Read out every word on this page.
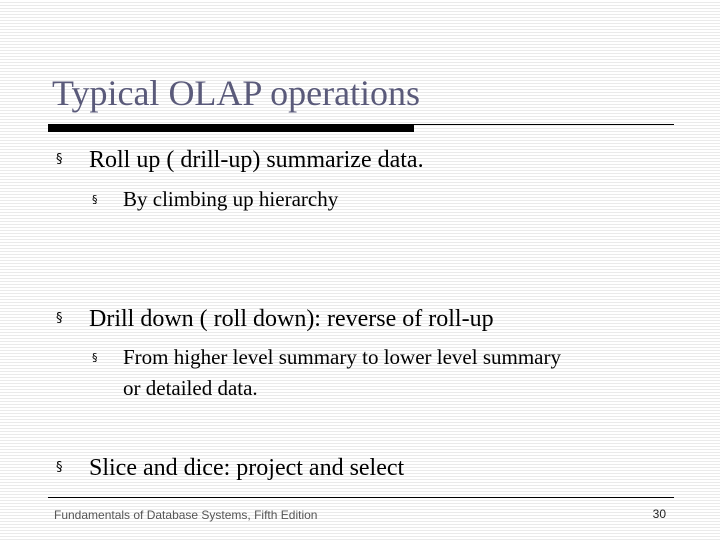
Typical OLAP operations
§ Roll up ( drill-up) summarize data.
§ By climbing up hierarchy
§ Drill down ( roll down): reverse of roll-up
§ From higher level summary to lower level summary
or detailed data.
§ Slice and dice: project and select
Fundamentals of Database Systems, Fifth Edition	30
